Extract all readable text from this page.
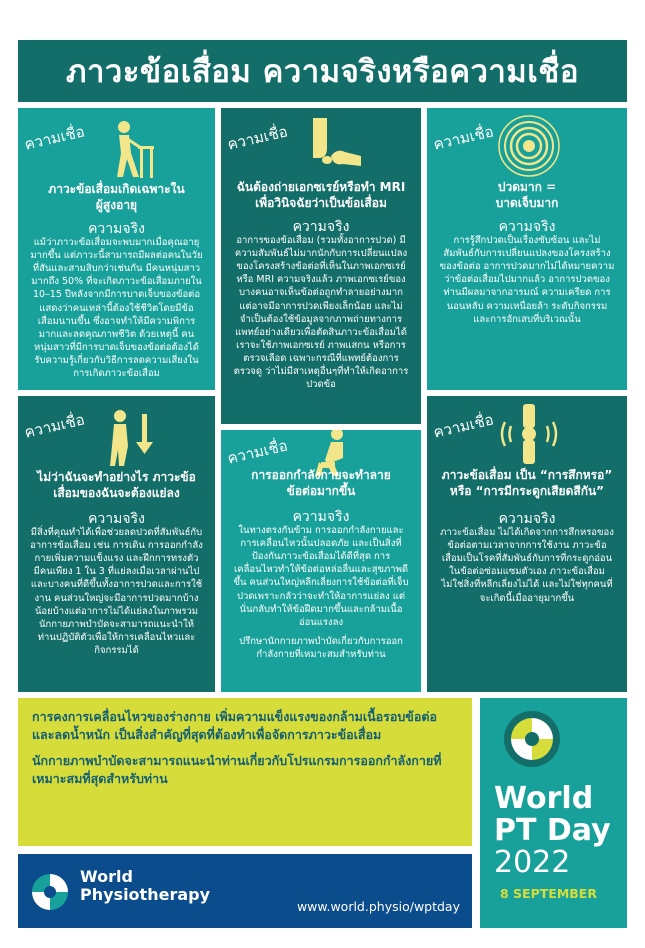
ภาวะข้อเสื่อม ความจริงหรือความเชื่อ
ความเชื่อ
ภาวะข้อเสื่อมเกิดเฉพาะใน
ผู้สูงอายุ
ความจริง

แม้ว่าภาวะข้อเสื่อมจะพบมากเมื่อคุณอายุมากขึ้น แต่ภาวะนี้สามารถมีผลต่อคนในวัยที่สันและสามสิบกว่าเช่นกัน มีคนหนุ่มสาวมากถึง 50% ที่จะเกิดภาวะข้อเสื่อมภายใน 10–15 ปีหลังจากมีการบาดเจ็บของข้อต่อ แสดงว่าคนเหล่านี้ต้องใช้ชีวิตโดยมีข้อเสื่อมนานขึ้น ซึ่งอาจทำให้มีความพิการมากและลดคุณภาพชีวิต ด้วยเหตุนี้ คนหนุ่มสาวที่มีการบาดเจ็บของข้อต่อต้องได้รับความรู้เกี่ยวกับวิธีการลดความเสี่ยงในการเกิดภาวะข้อเสื่อม

ความเชื่อ
ฉันต้องถ่ายเอกซเรย์หรือทำ MRI
เพื่อวินิจฉัยว่าเป็นข้อเสื่อม
ความจริง

อาการของข้อเสื่อม (รวมทั้งอาการปวด) มีความสัมพันธ์ไม่มากนักกับการเปลี่ยนแปลงของโครงสร้างข้อต่อที่เห็นในภาพเอกซเรย์ หรือ MRI ความจริงแล้ว ภาพเอกซเรย์ของบางคนอาจเห็นข้อต่อถูกทำลายอย่างมาก แต่อาจมีอาการปวดเพียงเล็กน้อย และไม่จำเป็นต้องใช้ข้อมูลจากภาพถ่ายทางการแพทย์อย่างเดียวเพื่อตัดสินภาวะข้อเสื่อมได้ เราจะใช้ภาพเอกซเรย์ ภาพแสกน หรือการตรวจเลือด เฉพาะกรณีที่แพทย์ต้องการตรวจดู ว่าไม่มีสาเหตุอื่นๆที่ทำให้เกิดอาการปวดข้อ

ความเชื่อ
ปวดมาก =
บาดเจ็บมาก
ความจริง

การรู้สึกปวดเป็นเรื่องซับซ้อน และไม่สัมพันธ์กับการเปลี่ยนแปลงของโครงสร้างของข้อต่อ อาการปวดมากไม่ได้หมายความว่าข้อต่อเสื่อมไปมากแล้ว อาการปวดของท่านมีผลมาจากอารมณ์ ความเครียด การนอนหลับ ความเหนื่อยล้า ระดับกิจกรรม และการอักเสบที่บริเวณนั้น

ความเชื่อ
ไม่ว่าฉันจะทำอย่างไร ภาวะข้อ
เสื่อมของฉันจะต้องแย่ลง
ความจริง

มีสิ่งที่คุณทำได้เพื่อช่วยลดปวดที่สัมพันธ์กับอาการข้อเสื่อม เช่น การเดิน การออกกำลังกายเพิ่มความแข็งแรง และฝึกการทรงตัว มีคนเพียง 1 ใน 3 ที่แย่ลงเมื่อเวลาผ่านไป และบางคนที่ดีขึ้นทั้งอาการปวดและการใช้งาน คนส่วนใหญ่จะมีอาการปวดมากบ้างน้อยบ้างแต่อาการไม่ได้แย่ลงในภาพรวมนักกายภาพบำบัดจะสามารถแนะนำให้ท่านปฏิบัติตัวเพื่อให้การเคลื่อนไหวและกิจกรรมได้

ความเชื่อ
การออกกำลังกายจะทำลาย
ข้อต่อมากขึ้น
ความจริง

ในทางตรงกันข้าม การออกกำลังกายและการเคลื่อนไหวนั้นปลอดภัย และเป็นสิ่งที่ป้องกันภาวะข้อเสื่อมได้ดีที่สุด การเคลื่อนไหวทำให้ข้อต่อหล่อลื่นและสุขภาพดีขึ้น คนส่วนใหญ่หลีกเลี่ยงการใช้ข้อต่อที่เจ็บปวดเพราะกลัวว่าจะทำให้อาการแย่ลง แต่นั่นกลับทำให้ข้อฝืดมากขึ้นและกล้ามเนื้ออ่อนแรงลง

ปรึกษานักกายภาพบำบัดเกี่ยวกับการออกกำลังกายที่เหมาะสมสำหรับท่าน

ความเชื่อ
ภาวะข้อเสื่อม เป็น “การสึกหรอ”
หรือ “การมีกระดูกเสียดสีกัน”
ความจริง

ภาวะข้อเสื่อม ไม่ได้เกิดจากการสึกหรอของข้อต่อตามเวลาจากการใช้งาน ภาวะข้อเสื่อมเป็นโรคที่สัมพันธ์กับการที่กระดูกอ่อนในข้อต่อซ่อมแซมตัวเอง ภาวะข้อเสื่อมไม่ใช่สิ่งที่หลีกเลี่ยงไม่ได้ และไม่ใช่ทุกคนที่จะเกิดนี้เมื่ออายุมากขึ้น

การคงการเคลื่อนไหวของร่างกาย เพิ่มความแข็งแรงของกล้ามเนื้อรอบข้อต่อ และลดน้ำหนัก เป็นสิ่งสำคัญที่สุดที่ต้องทำเพื่อจัดการภาวะข้อเสื่อม

นักกายภาพบำบัดจะสามารถแนะนำท่านเกี่ยวกับโปรแกรมการออกกำลังกายที่เหมาะสมที่สุดสำหรับท่าน

World
Physiotherapy
www.world.physio/wptday
World
PT Day
2022
8 SEPTEMBER
